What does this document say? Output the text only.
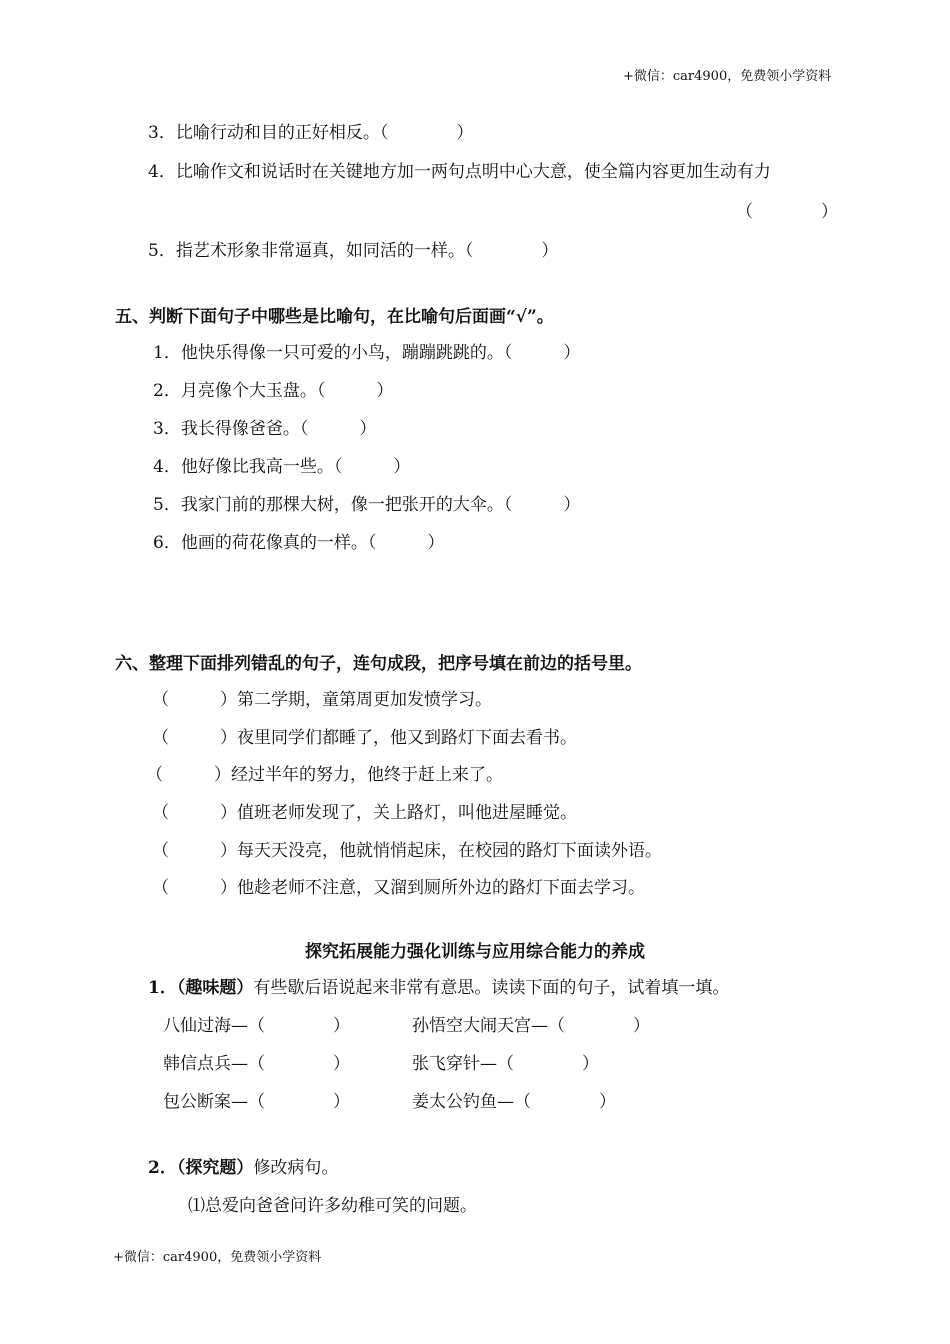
+微信：car4900，免费领小学资料
3．比喻行动和目的正好相反。（　　　　）
4．比喻作文和说话时在关键地方加一两句点明中心大意，使全篇内容更加生动有力
（　　　　）
5．指艺术形象非常逼真，如同活的一样。（　　　　）
五、判断下面句子中哪些是比喻句，在比喻句后面画“√”。
1．他快乐得像一只可爱的小鸟，蹦蹦跳跳的。（　　　）
2．月亮像个大玉盘。（　　　）
3．我长得像爸爸。（　　　）
4．他好像比我高一些。（　　　）
5．我家门前的那棵大树，像一把张开的大伞。（　　　）
6．他画的荷花像真的一样。（　　　）
六、整理下面排列错乱的句子，连句成段，把序号填在前边的括号里。
（　　　）第二学期，童第周更加发愤学习。
（　　　）夜里同学们都睡了，他又到路灯下面去看书。
（　　　）经过半年的努力，他终于赶上来了。
（　　　）值班老师发现了，关上路灯，叫他进屋睡觉。
（　　　）每天天没亮，他就悄悄起床，在校园的路灯下面读外语。
（　　　）他趁老师不注意，又溜到厕所外边的路灯下面去学习。
探究拓展能力强化训练与应用综合能力的养成
1．（趣味题）有些歇后语说起来非常有意思。读读下面的句子，试着填一填。
八仙过海—（　　　　）	孙悟空大闹天宫—（　　　　）
韩信点兵—（　　　　）	张飞穿针—（　　　　）
包公断案—（　　　　）	姜太公钓鱼—（　　　　）
2．（探究题）修改病句。
⑴总爱向爸爸问许多幼稚可笑的问题。
+微信：car4900，免费领小学资料
